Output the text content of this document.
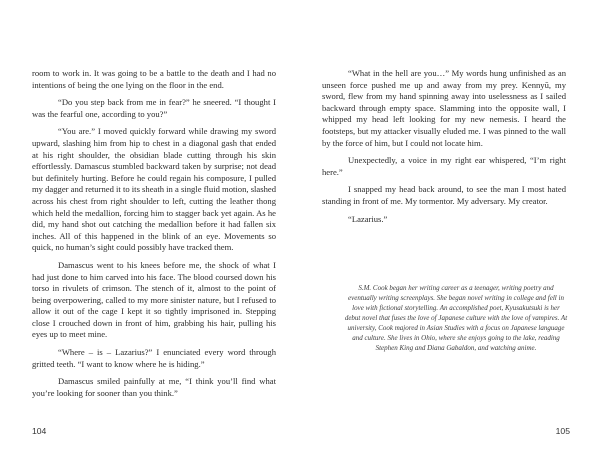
room to work in. It was going to be a battle to the death and I had no intentions of being the one lying on the floor in the end.

“Do you step back from me in fear?” he sneered. “I thought I was the fearful one, according to you?”

“You are.” I moved quickly forward while drawing my sword upward, slashing him from hip to chest in a diagonal gash that ended at his right shoulder, the obsidian blade cutting through his skin effortlessly. Damascus stumbled backward taken by surprise; not dead but definitely hurting. Before he could regain his composure, I pulled my dagger and returned it to its sheath in a single fluid motion, slashed across his chest from right shoulder to left, cutting the leather thong which held the medallion, forcing him to stagger back yet again. As he did, my hand shot out catching the medallion before it had fallen six inches. All of this happened in the blink of an eye. Movements so quick, no human’s sight could possibly have tracked them.

Damascus went to his knees before me, the shock of what I had just done to him carved into his face. The blood coursed down his torso in rivulets of crimson. The stench of it, almost to the point of being overpowering, called to my more sinister nature, but I refused to allow it out of the cage I kept it so tightly imprisoned in. Stepping close I crouched down in front of him, grabbing his hair, pulling his eyes up to meet mine.

“Where – is – Lazarius?” I enunciated every word through gritted teeth. “I want to know where he is hiding.”

Damascus smiled painfully at me, “I think you’ll find what you’re looking for sooner than you think.”

104

“What in the hell are you…” My words hung unfinished as an unseen force pushed me up and away from my prey. Kennyū, my sword, flew from my hand spinning away into uselessness as I sailed backward through empty space. Slamming into the opposite wall, I whipped my head left looking for my new nemesis. I heard the footsteps, but my attacker visually eluded me. I was pinned to the wall by the force of him, but I could not locate him.

Unexpectedly, a voice in my right ear whispered, “I’m right here.”

I snapped my head back around, to see the man I most hated standing in front of me. My tormentor. My adversary. My creator.

“Lazarius.”

S.M. Cook began her writing career as a teenager, writing poetry and eventually writing screenplays. She began novel writing in college and fell in love with fictional storytelling. An accomplished poet, Kyusakutsuki is her debut novel that fuses the love of Japanese culture with the love of vampires. At university, Cook majored in Asian Studies with a focus on Japanese language and culture. She lives in Ohio, where she enjoys going to the lake, reading Stephen King and Diana Gabaldon, and watching anime.
105
